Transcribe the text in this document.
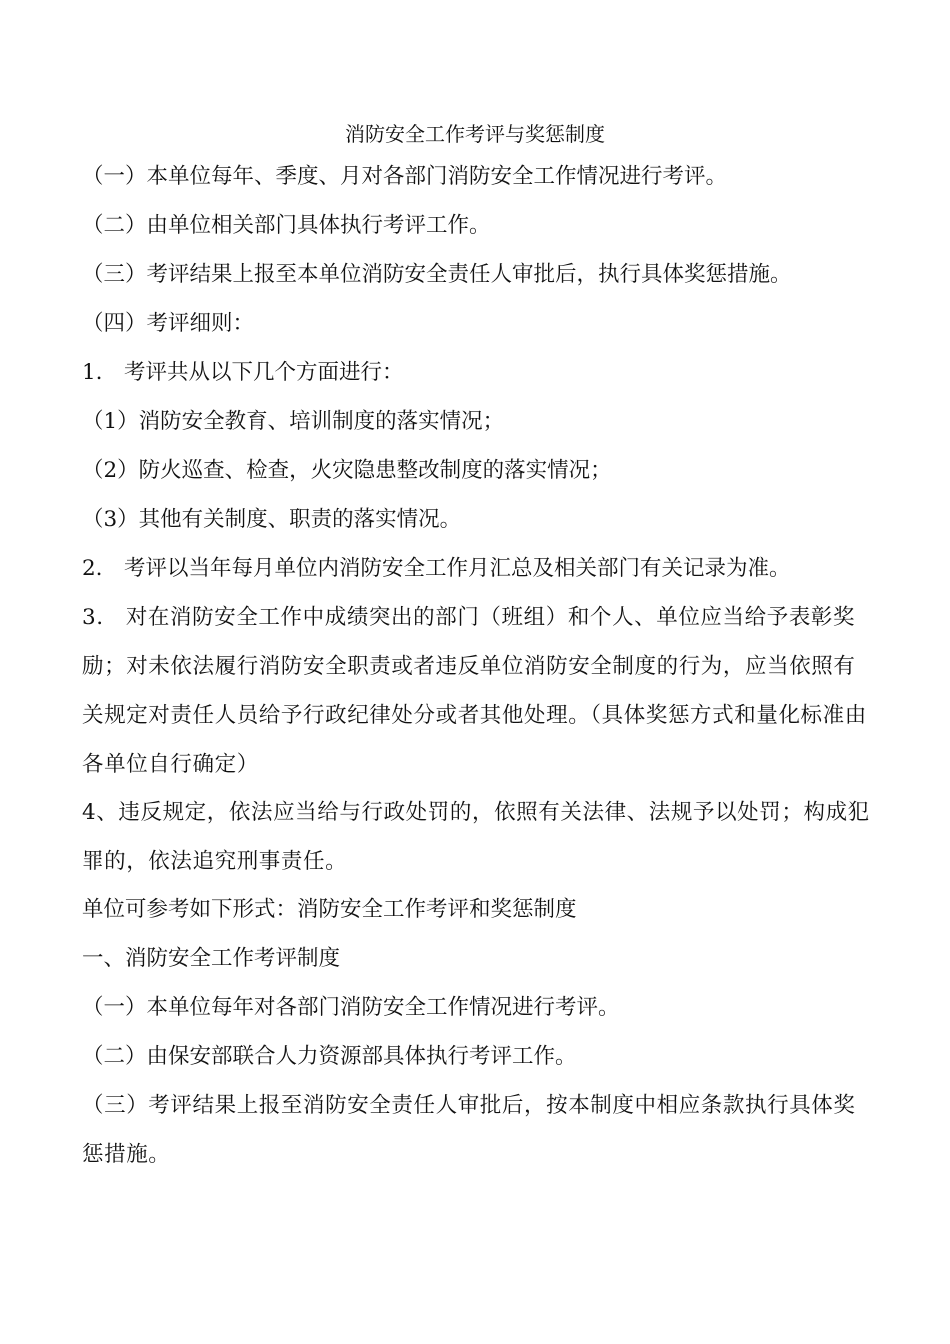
消防安全工作考评与奖惩制度
（一）本单位每年、季度、月对各部门消防安全工作情况进行考评。
（二）由单位相关部门具体执行考评工作。
（三）考评结果上报至本单位消防安全责任人审批后，执行具体奖惩措施。
（四）考评细则：
1.　考评共从以下几个方面进行：
（1）消防安全教育、培训制度的落实情况；
（2）防火巡查、检查，火灾隐患整改制度的落实情况；
（3）其他有关制度、职责的落实情况。
2.　考评以当年每月单位内消防安全工作月汇总及相关部门有关记录为准。
3.　对在消防安全工作中成绩突出的部门（班组）和个人、单位应当给予表彰奖励；对未依法履行消防安全职责或者违反单位消防安全制度的行为，应当依照有关规定对责任人员给予行政纪律处分或者其他处理。（具体奖惩方式和量化标准由各单位自行确定）
4、违反规定，依法应当给与行政处罚的，依照有关法律、法规予以处罚；构成犯罪的，依法追究刑事责任。
单位可参考如下形式：消防安全工作考评和奖惩制度
一、消防安全工作考评制度
（一）本单位每年对各部门消防安全工作情况进行考评。
（二）由保安部联合人力资源部具体执行考评工作。
（三）考评结果上报至消防安全责任人审批后，按本制度中相应条款执行具体奖惩措施。
